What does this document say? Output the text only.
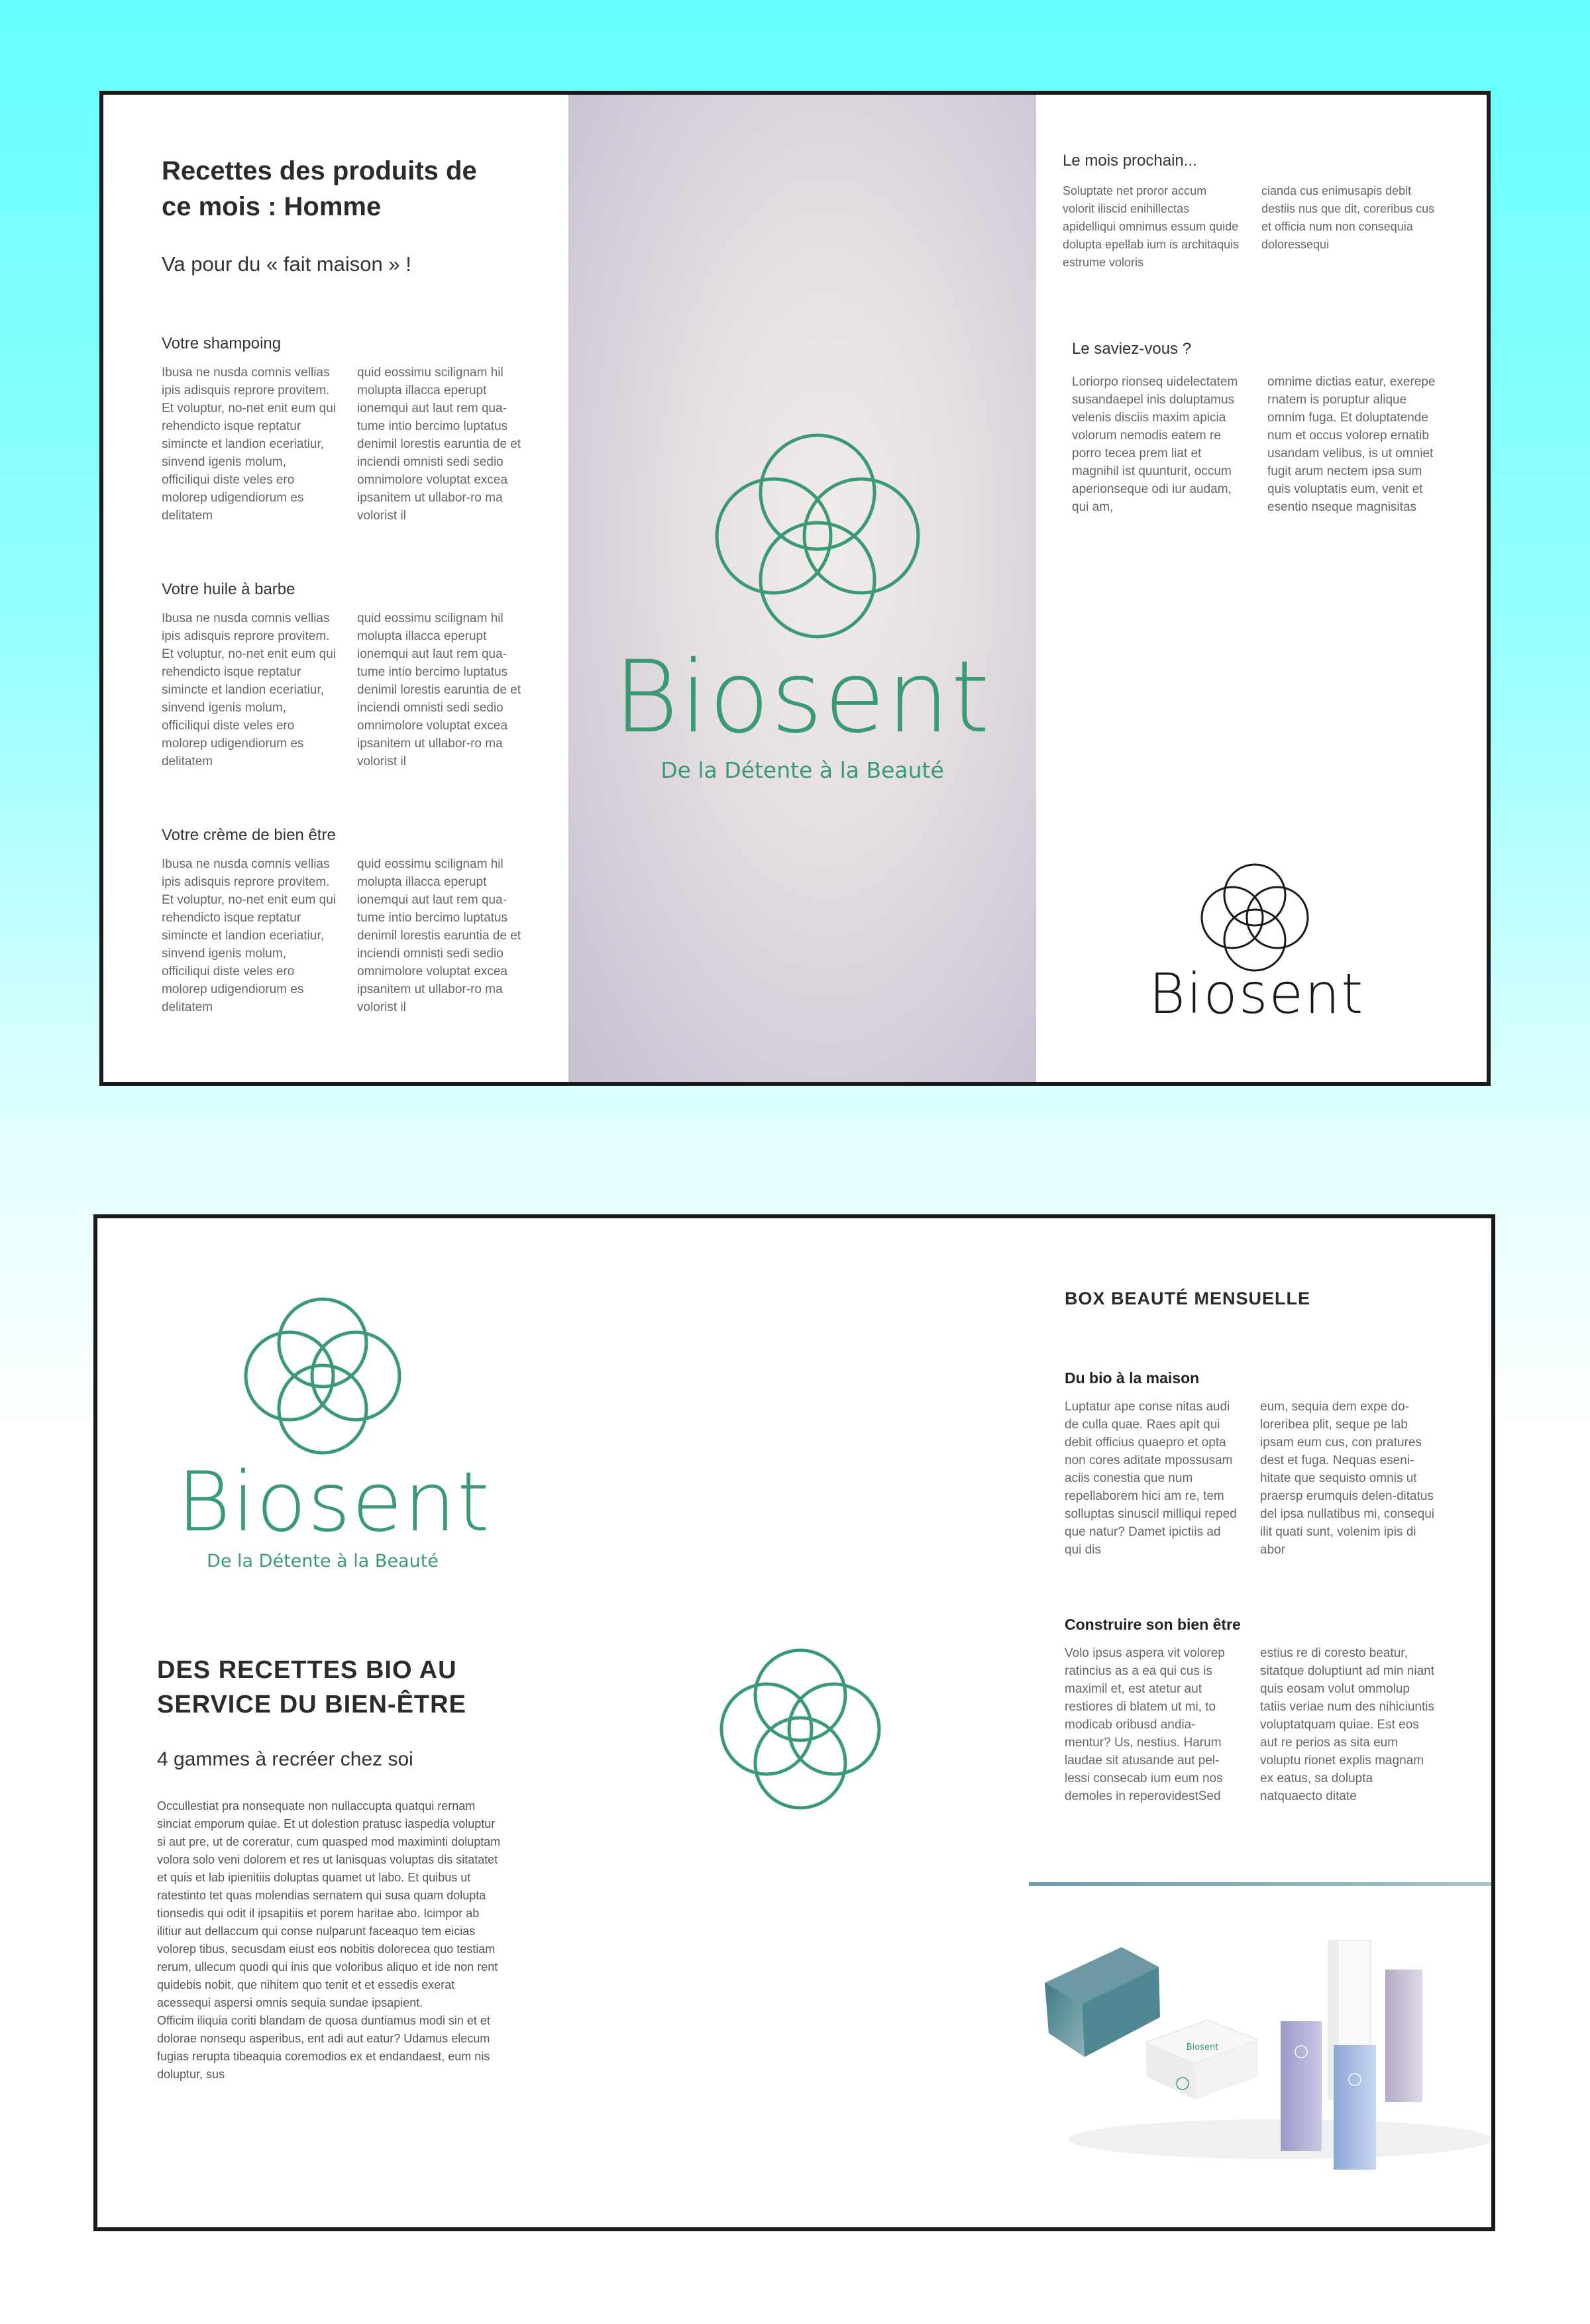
Recettes des produits de ce mois : Homme
Va pour du « fait maison » !
Votre shampoing
Ibusa ne nusda comnis vellias ipis adisquis reprore provitem. Et voluptur, no-net enit eum qui rehendicto isque reptatur simincte et landion eceriatiur, sinvend igenis molum, officiliqui diste veles ero molorep udigendiorum es delitatem
quid eossimu scilignam hil molupta illacca eperupt ionemqui aut laut rem qua-tume intio bercimo luptatus denimil lorestis earuntia de et inciendi omnisti sedi sedio omnimolore voluptat excea ipsanitem ut ullabor-ro ma volorist il
Votre huile à barbe
Ibusa ne nusda comnis vellias ipis adisquis reprore provitem. Et voluptur, no-net enit eum qui rehendicto isque reptatur simincte et landion eceriatiur, sinvend igenis molum, officiliqui diste veles ero molorep udigendiorum es delitatem
quid eossimu scilignam hil molupta illacca eperupt ionemqui aut laut rem qua-tume intio bercimo luptatus denimil lorestis earuntia de et inciendi omnisti sedi sedio omnimolore voluptat excea ipsanitem ut ullabor-ro ma volorist il
Votre crème de bien être
Ibusa ne nusda comnis vellias ipis adisquis reprore provitem. Et voluptur, no-net enit eum qui rehendicto isque reptatur simincte et landion eceriatiur, sinvend igenis molum, officiliqui diste veles ero molorep udigendiorum es delitatem
quid eossimu scilignam hil molupta illacca eperupt ionemqui aut laut rem qua-tume intio bercimo luptatus denimil lorestis earuntia de et inciendi omnisti sedi sedio omnimolore voluptat excea ipsanitem ut ullabor-ro ma volorist il
Biosent
De la Détente à la Beauté
Le mois prochain...
Soluptate net proror accum volorit iliscid enihillectas apidelliqui omnimus essum quide dolupta epellab ium is architaquis estrume voloris
cianda cus enimusapis debit destiis nus que dit, coreribus cus et officia num non consequia doloressequi
Le saviez-vous ?
Loriorpo rionseq uidelectatem susandaepel inis doluptamus velenis disciis maxim apicia volorum nemodis eatem re porro tecea prem liat et magnihil ist quunturit, occum aperionseque odi iur audam, qui am,
omnime dictias eatur, exerepe rnatem is poruptur alique omnim fuga. Et doluptatende num et occus volorep ernatib usandam velibus, is ut omniet fugit arum nectem ipsa sum quis voluptatis eum, venit et esentio nseque magnisitas
Biosent
Biosent
De la Détente à la Beauté
DES RECETTES BIO AU SERVICE DU BIEN-ÊTRE
4 gammes à recréer chez soi
Occullestiat pra nonsequate non nullaccupta quatqui rernam sinciat emporum quiae. Et ut dolestion pratusc iaspedia voluptur si aut pre, ut de coreratur, cum quasped mod maximinti doluptam volora solo veni dolorem et res ut lanisquas voluptas dis sitatatet et quis et lab ipienitiis doluptas quamet ut labo. Et quibus ut ratestinto tet quas molendias sernatem qui susa quam dolupta tionsedis qui odit il ipsapitiis et porem haritae abo. Icimpor ab ilitiur aut dellaccum qui conse nulparunt faceaquo tem eicias volorep tibus, secusdam eiust eos nobitis dolorecea quo testiam rerum, ullecum quodi qui inis que voloribus aliquo et ide non rent quidebis nobit, que nihitem quo tenit et et essedis exerat acessequi aspersi omnis sequia sundae ipsapient.
Officim iliquia coriti blandam de quosa duntiamus modi sin et et dolorae nonsequ asperibus, ent adi aut eatur? Udamus elecum fugias rerupta tibeaquia coremodios ex et endandaest, eum nis doluptur, sus
BOX BEAUTÉ MENSUELLE
Du bio à la maison
Luptatur ape conse nitas audi de culla quae. Raes apit qui debit officius quaepro et opta non cores aditate mpossusam aciis conestia que num repellaborem hici am re, tem solluptas sinuscil milliqui reped que natur? Damet ipictiis ad qui dis
eum, sequia dem expe do-loreribea plit, seque pe lab ipsam eum cus, con pratures dest et fuga. Nequas eseni-hitate que sequisto omnis ut praersp erumquis delen-ditatus del ipsa nullatibus mi, consequi ilit quati sunt, volenim ipis di abor
Construire son bien être
Volo ipsus aspera vit volorep ratincius as a ea qui cus is maximil et, est atetur aut restiores di blatem ut mi, to modicab oribusd andia-mentur? Us, nestius. Harum laudae sit atusande aut pel-lessi consecab ium eum nos demoles in reperovidestSed
estius re di coresto beatur, sitatque doluptiunt ad min niant quis eosam volut ommolup tatiis veriae num des nihiciuntis voluptatquam quiae. Est eos aut re perios as sita eum voluptu rionet explis magnam ex eatus, sa dolupta natquaecto ditate
Biosent
